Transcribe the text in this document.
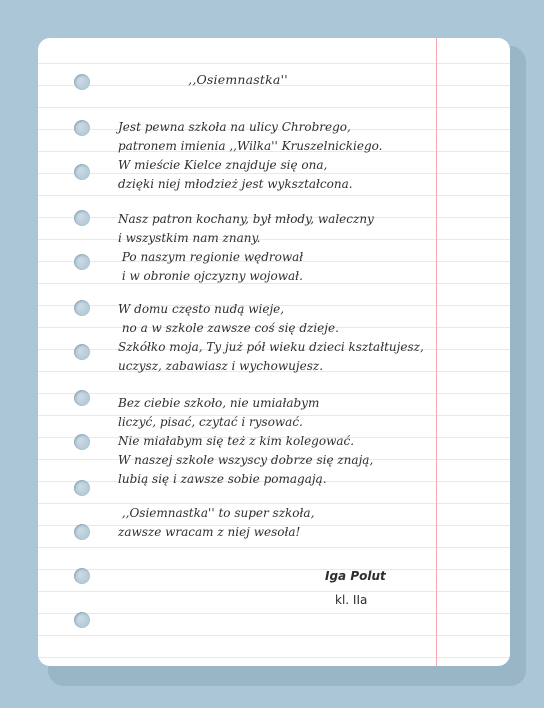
,,Osiemnastka''
Jest pewna szkoła na ulicy Chrobrego,
patronem imienia ,,Wilka'' Kruszelnickiego.
W mieście Kielce znajduje się ona,
dzięki niej młodzież jest wykształcona.
Nasz patron kochany, był młody, waleczny
i wszystkim nam znany.
Po naszym regionie wędrował
i w obronie ojczyzny wojował.
W domu często nudą wieje,
no a w szkole zawsze coś się dzieje.
Szkółko moja, Ty już pół wieku dzieci kształtujesz,
uczysz, zabawiasz i wychowujesz.
Bez ciebie szkoło, nie umiałabym
liczyć, pisać, czytać i rysować.
Nie miałabym się też z kim kolegować.
W naszej szkole wszyscy dobrze się znają,
lubią się i zawsze sobie pomagają.
,,Osiemnastka'' to super szkoła,
zawsze wracam z niej wesoła!
Iga Polut
kl. IIa
